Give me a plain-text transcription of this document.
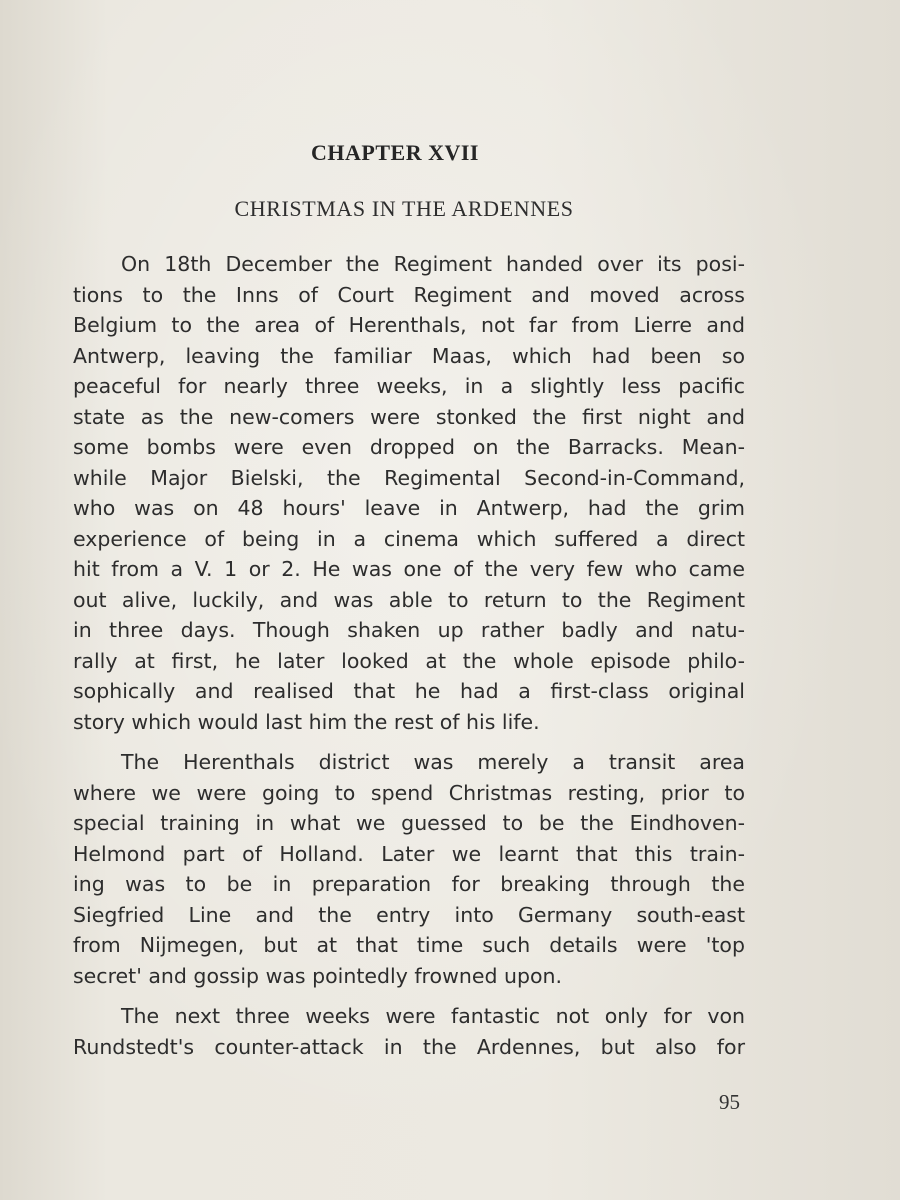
CHAPTER XVII
CHRISTMAS IN THE ARDENNES
On 18th December the Regiment handed over its posi-
tions to the Inns of Court Regiment and moved across
Belgium to the area of Herenthals, not far from Lierre and
Antwerp, leaving the familiar Maas, which had been so
peaceful for nearly three weeks, in a slightly less pacific
state as the new-comers were stonked the first night and
some bombs were even dropped on the Barracks. Mean-
while Major Bielski, the Regimental Second-in-Command,
who was on 48 hours' leave in Antwerp, had the grim
experience of being in a cinema which suffered a direct
hit from a V. 1 or 2. He was one of the very few who came
out alive, luckily, and was able to return to the Regiment
in three days. Though shaken up rather badly and natu-
rally at first, he later looked at the whole episode philo-
sophically and realised that he had a first-class original
story which would last him the rest of his life.
The Herenthals district was merely a transit area
where we were going to spend Christmas resting, prior to
special training in what we guessed to be the Eindhoven-
Helmond part of Holland. Later we learnt that this train-
ing was to be in preparation for breaking through the
Siegfried Line and the entry into Germany south-east
from Nijmegen, but at that time such details were 'top
secret' and gossip was pointedly frowned upon.
The next three weeks were fantastic not only for von
Rundstedt's counter-attack in the Ardennes, but also for
95
